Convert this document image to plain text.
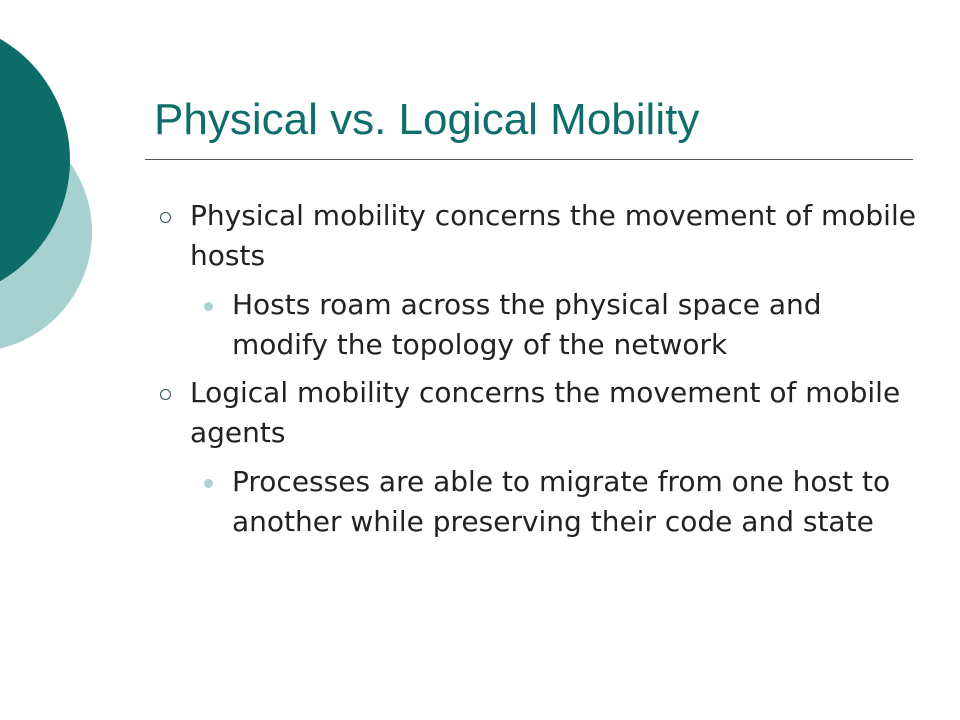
Physical vs. Logical Mobility
Physical mobility concerns the movement of mobile hosts
Hosts roam across the physical space and modify the topology of the network
Logical mobility concerns the movement of mobile agents
Processes are able to migrate from one host to another while preserving their code and state
